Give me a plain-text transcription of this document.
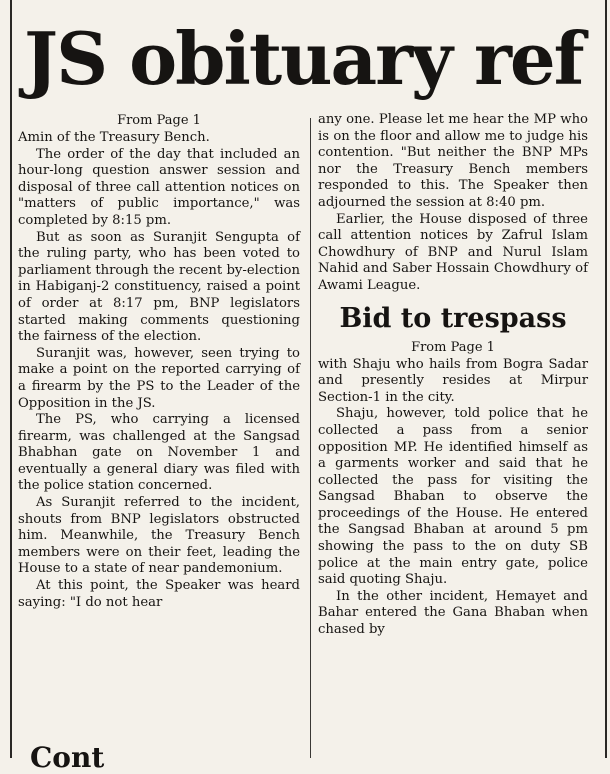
JS obituary ref

From Page 1

Amin of the Treasury Bench.

The order of the day that included an hour-long question answer session and disposal of three call attention notices on "matters of public importance," was completed by 8:15 pm.

But as soon as Suranjit Sengupta of the ruling party, who has been voted to parliament through the recent by-election in Habiganj-2 constituency, raised a point of order at 8:17 pm, BNP legislators started making comments questioning the fairness of the election.

Suranjit was, however, seen trying to make a point on the reported carrying of a firearm by the PS to the Leader of the Opposition in the JS.

The PS, who carrying a licensed firearm, was challenged at the Sangsad Bhabhan gate on November 1 and eventually a general diary was filed with the police station concerned.

As Suranjit referred to the incident, shouts from BNP legislators obstructed him. Meanwhile, the Treasury Bench members were on their feet, leading the House to a state of near pandemonium.

At this point, the Speaker was heard saying: "I do not hear

any one. Please let me hear the MP who is on the floor and allow me to judge his contention. "But neither the BNP MPs nor the Treasury Bench members responded to this. The Speaker then adjourned the session at 8:40 pm.

Earlier, the House disposed of three call attention notices by Zafrul Islam Chowdhury of BNP and Nurul Islam Nahid and Saber Hossain Chowdhury of Awami League.

Bid to trespass

From Page 1

with Shaju who hails from Bogra Sadar and presently resides at Mirpur Section-1 in the city.

Shaju, however, told police that he collected a pass from a senior opposition MP. He identified himself as a garments worker and said that he collected the pass for visiting the Sangsad Bhaban to observe the proceedings of the House. He entered the Sangsad Bhaban at around 5 pm showing the pass to the on duty SB police at the main entry gate, police said quoting Shaju.

In the other incident, Hemayet and Bahar entered the Gana Bhaban when chased by

Cont
